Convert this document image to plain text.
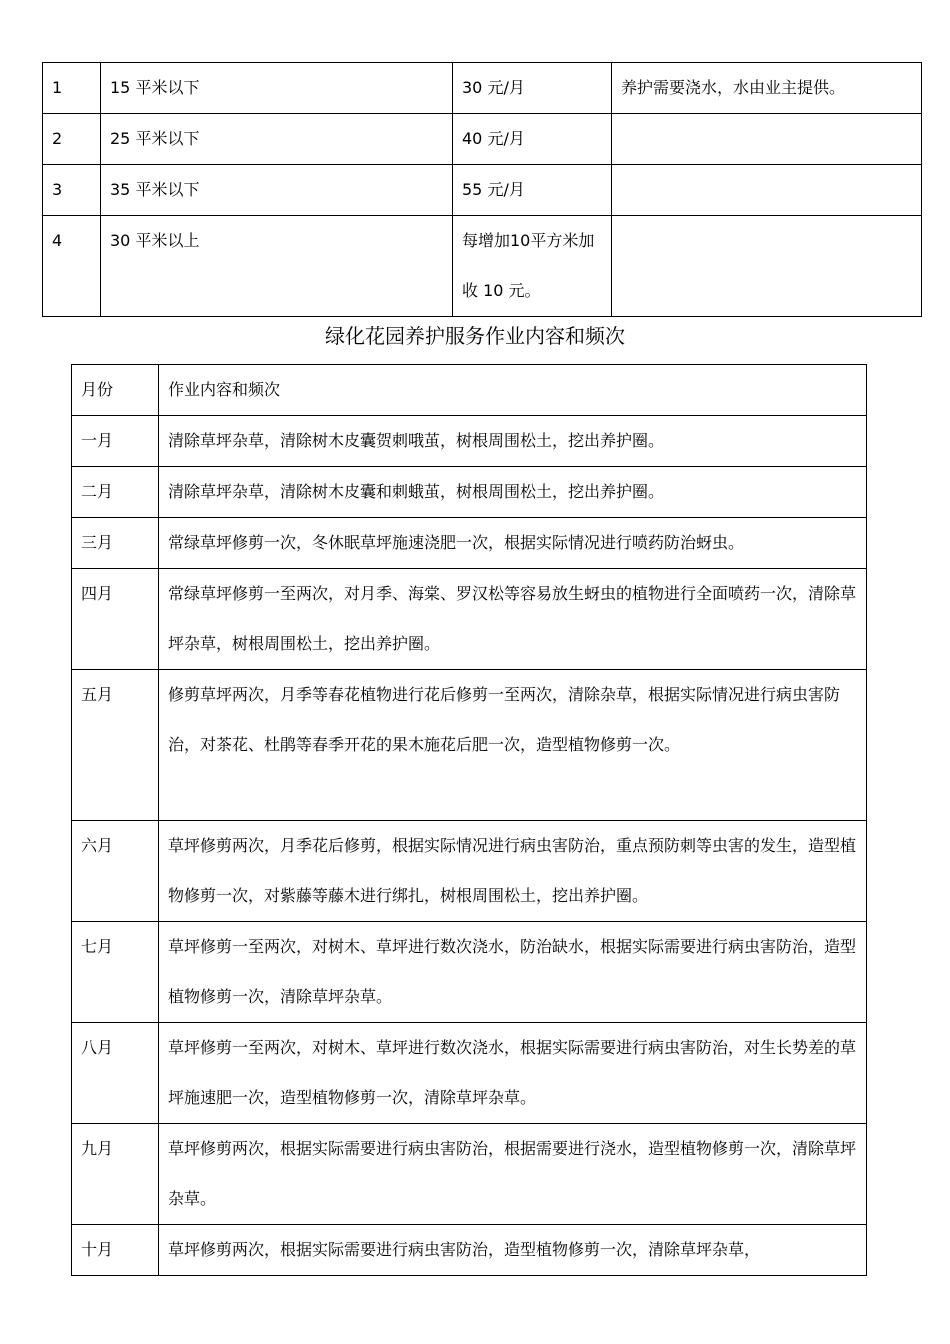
1	15 平米以下	30 元/月	养护需要浇水，水由业主提供。
2	25 平米以下	40 元/月	
3	35 平米以下	55 元/月	
4	30 平米以上	每增加10平方米加收 10 元。	
绿化花园养护服务作业内容和频次
月份	作业内容和频次
一月	清除草坪杂草，清除树木皮囊贺刺哦茧，树根周围松土，挖出养护圈。
二月	清除草坪杂草，清除树木皮囊和刺蛾茧，树根周围松土，挖出养护圈。
三月	常绿草坪修剪一次，冬休眠草坪施速浇肥一次，根据实际情况进行喷药防治蚜虫。
四月	常绿草坪修剪一至两次，对月季、海棠、罗汉松等容易放生蚜虫的植物进行全面喷药一次，清除草坪杂草，树根周围松土，挖出养护圈。
五月	修剪草坪两次，月季等春花植物进行花后修剪一至两次，清除杂草，根据实际情况进行病虫害防治，对茶花、杜鹃等春季开花的果木施花后肥一次，造型植物修剪一次。
六月	草坪修剪两次，月季花后修剪，根据实际情况进行病虫害防治，重点预防刺等虫害的发生，造型植物修剪一次，对紫藤等藤木进行绑扎，树根周围松土，挖出养护圈。
七月	草坪修剪一至两次，对树木、草坪进行数次浇水，防治缺水，根据实际需要进行病虫害防治，造型植物修剪一次，清除草坪杂草。
八月	草坪修剪一至两次，对树木、草坪进行数次浇水，根据实际需要进行病虫害防治，对生长势差的草坪施速肥一次，造型植物修剪一次，清除草坪杂草。
九月	草坪修剪两次，根据实际需要进行病虫害防治，根据需要进行浇水，造型植物修剪一次，清除草坪杂草。
十月	草坪修剪两次，根据实际需要进行病虫害防治，造型植物修剪一次，清除草坪杂草，
